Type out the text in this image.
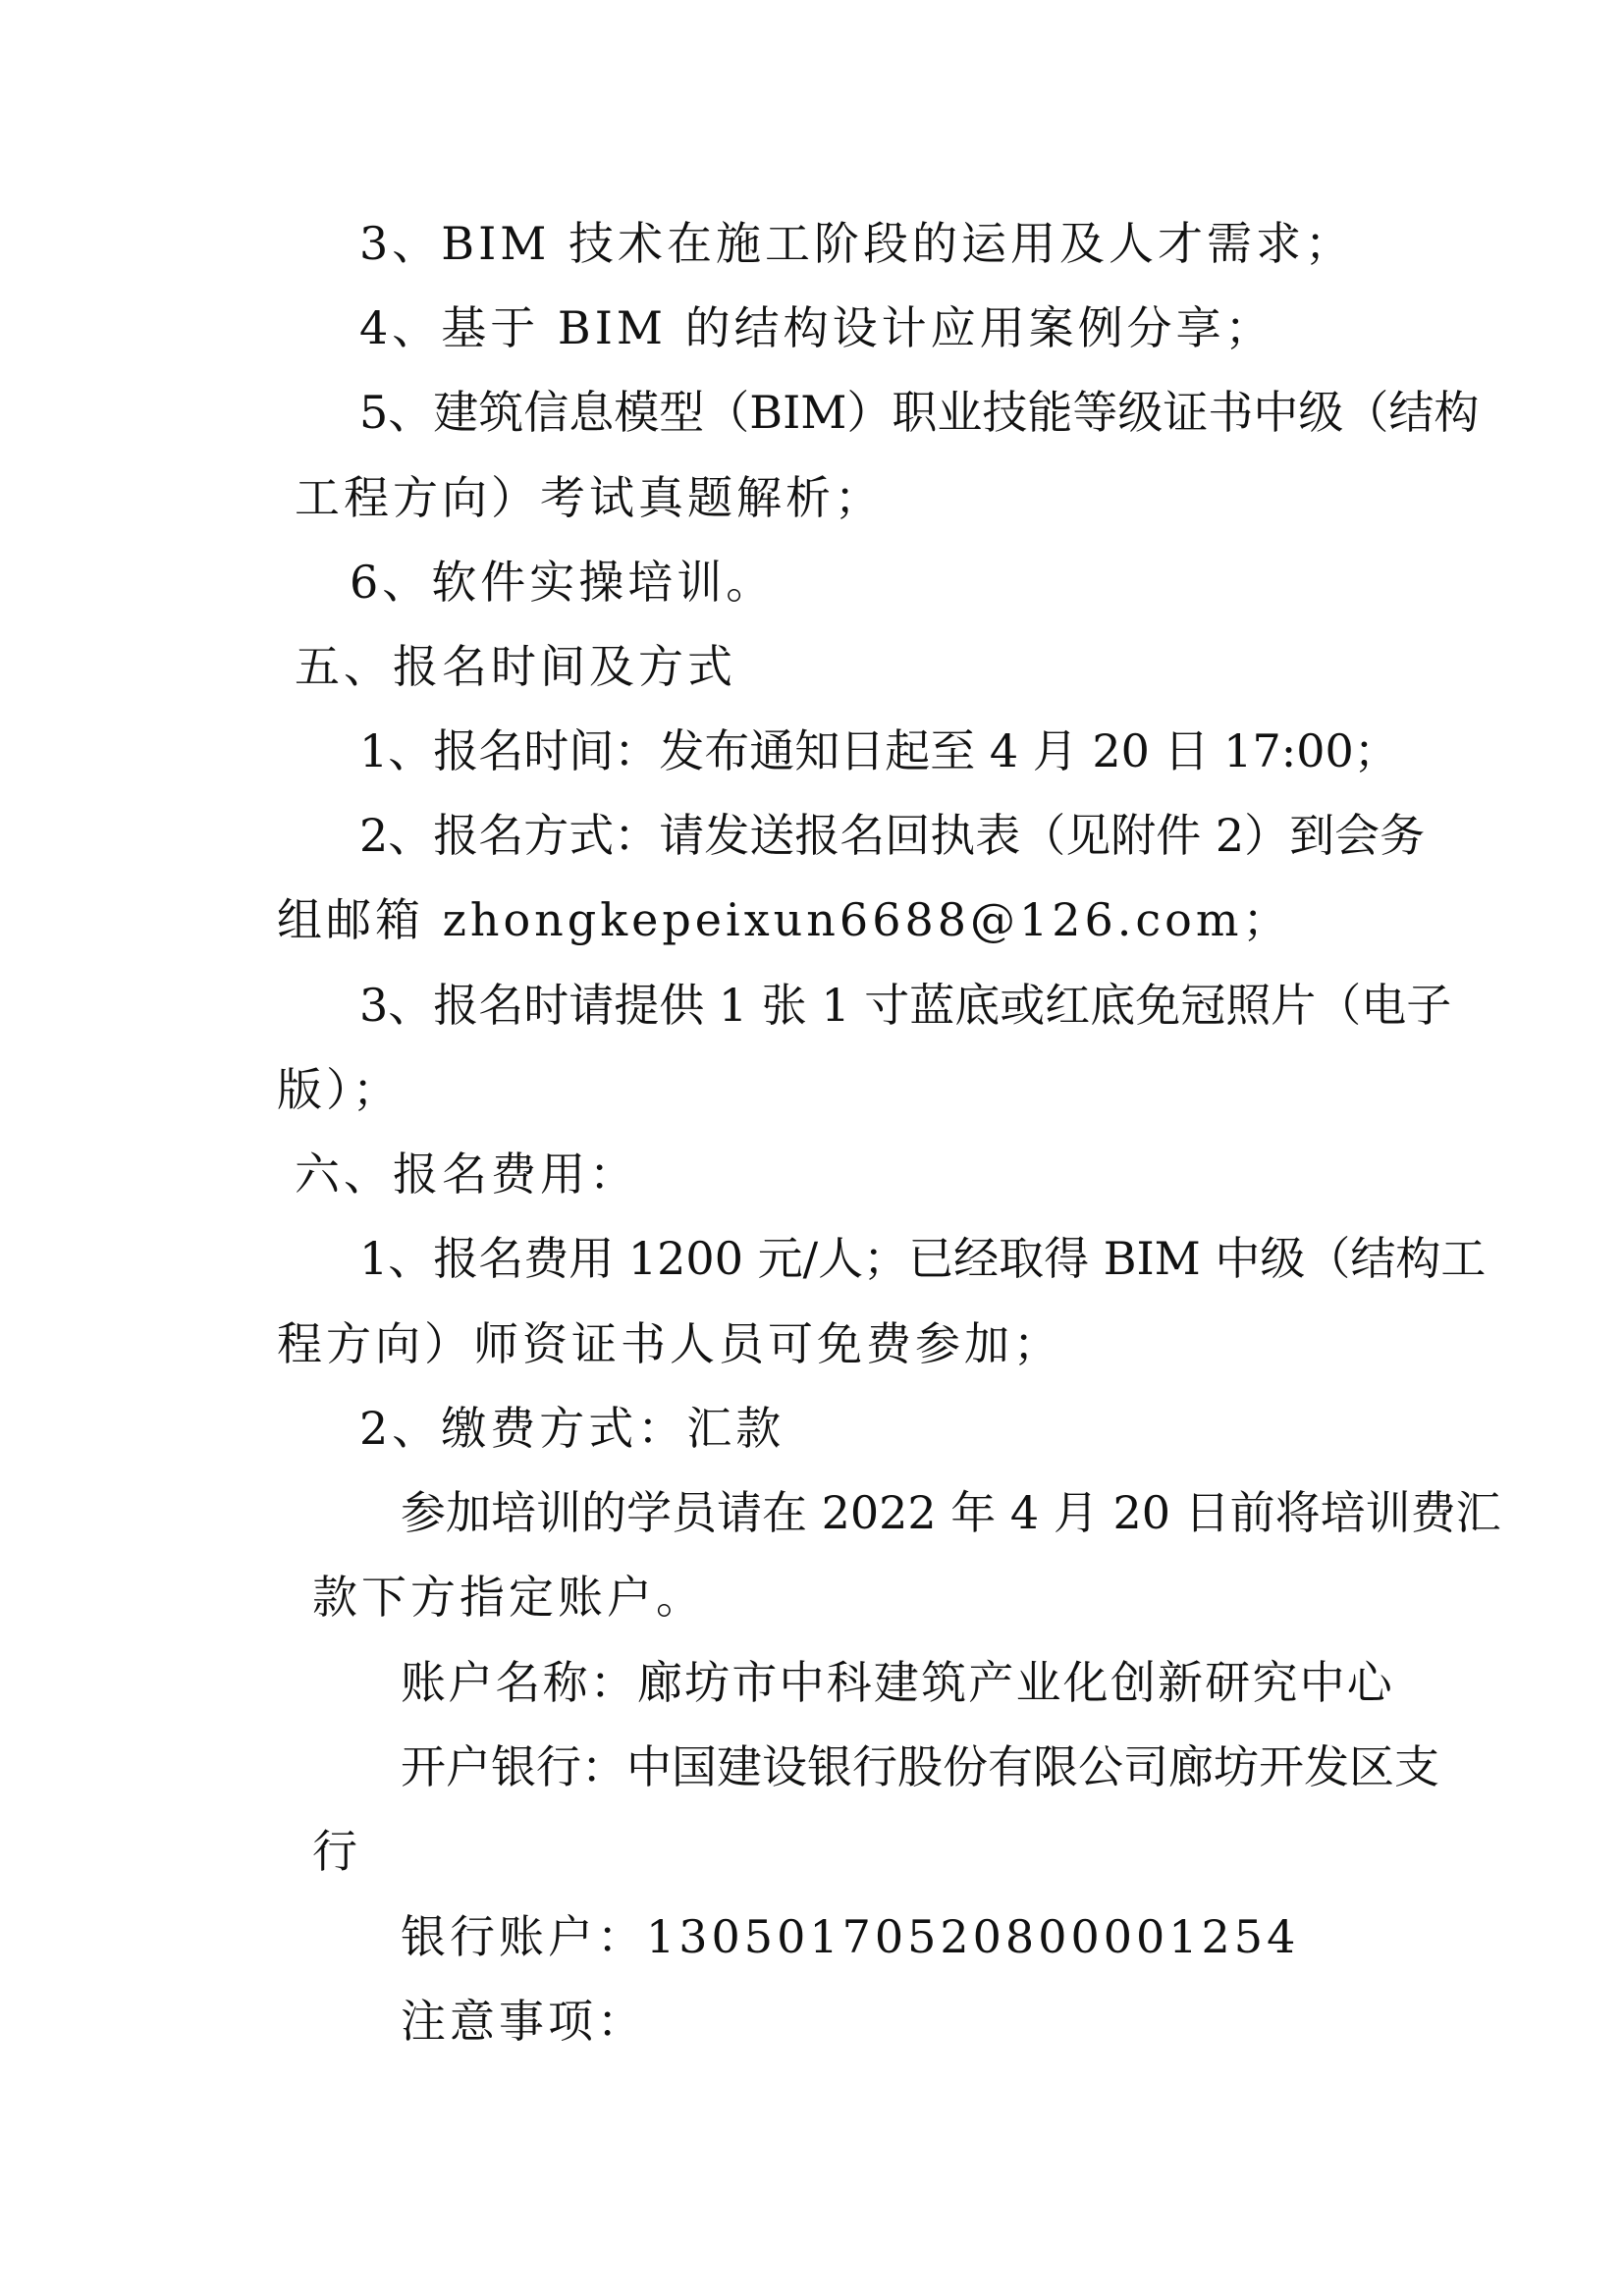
3、BIM 技术在施工阶段的运用及人才需求；

4、基于 BIM 的结构设计应用案例分享；

5、建筑信息模型（BIM）职业技能等级证书中级（结构

工程方向）考试真题解析；

6、软件实操培训。

五、报名时间及方式

1、报名时间：发布通知日起至 4 月 20 日 17:00；

2、报名方式：请发送报名回执表（见附件 2）到会务

组邮箱 zhongkepeixun6688@126.com；

3、报名时请提供 1 张 1 寸蓝底或红底免冠照片（电子

版）；

六、报名费用：

1、报名费用 1200 元/人；已经取得 BIM 中级（结构工

程方向）师资证书人员可免费参加；

2、缴费方式：汇款

参加培训的学员请在 2022 年 4 月 20 日前将培训费汇

款下方指定账户。

账户名称：廊坊市中科建筑产业化创新研究中心

开户银行：中国建设银行股份有限公司廊坊开发区支

行

银行账户：13050170520800001254

注意事项：
